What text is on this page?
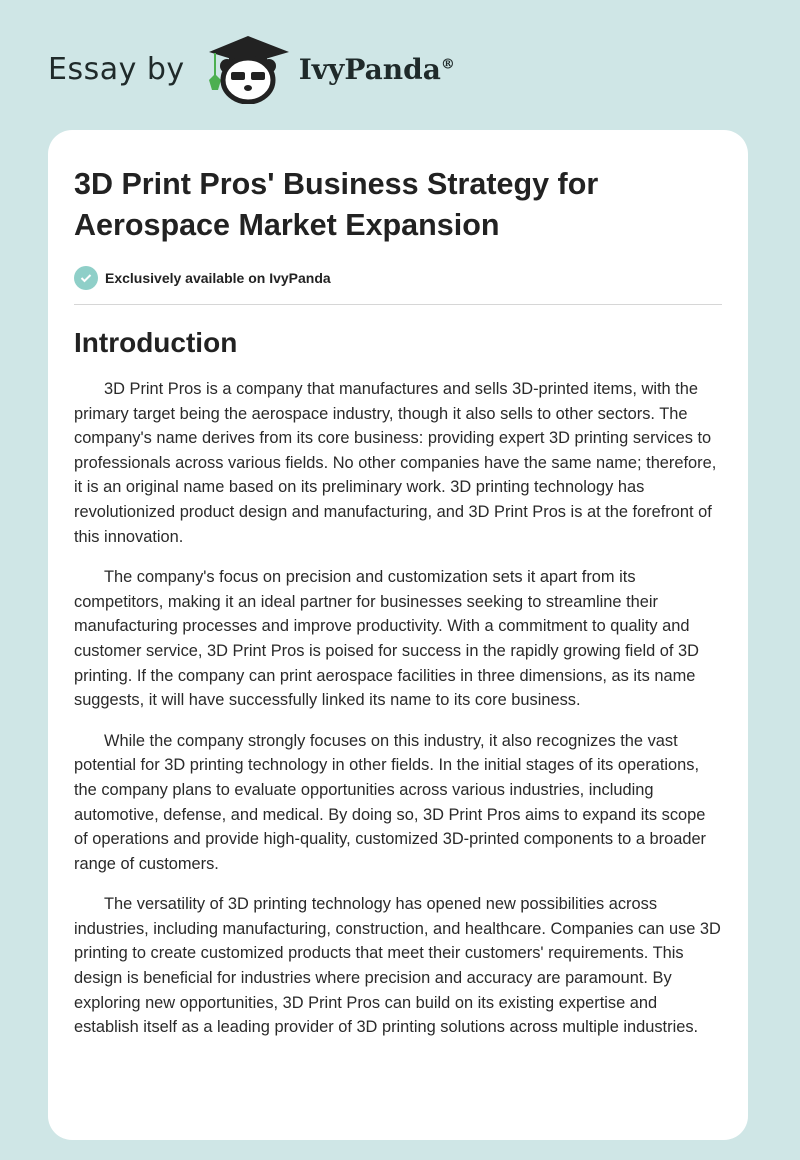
Essay by	IvyPanda®
3D Print Pros' Business Strategy for Aerospace Market Expansion
Exclusively available on IvyPanda
Introduction

3D Print Pros is a company that manufactures and sells 3D-printed items, with the primary target being the aerospace industry, though it also sells to other sectors. The company's name derives from its core business: providing expert 3D printing services to professionals across various fields. No other companies have the same name; therefore, it is an original name based on its preliminary work. 3D printing technology has revolutionized product design and manufacturing, and 3D Print Pros is at the forefront of this innovation.

The company's focus on precision and customization sets it apart from its competitors, making it an ideal partner for businesses seeking to streamline their manufacturing processes and improve productivity. With a commitment to quality and customer service, 3D Print Pros is poised for success in the rapidly growing field of 3D printing. If the company can print aerospace facilities in three dimensions, as its name suggests, it will have successfully linked its name to its core business.

While the company strongly focuses on this industry, it also recognizes the vast potential for 3D printing technology in other fields. In the initial stages of its operations, the company plans to evaluate opportunities across various industries, including automotive, defense, and medical. By doing so, 3D Print Pros aims to expand its scope of operations and provide high-quality, customized 3D-printed components to a broader range of customers.

The versatility of 3D printing technology has opened new possibilities across industries, including manufacturing, construction, and healthcare. Companies can use 3D printing to create customized products that meet their customers' requirements. This design is beneficial for industries where precision and accuracy are paramount. By exploring new opportunities, 3D Print Pros can build on its existing expertise and establish itself as a leading provider of 3D printing solutions across multiple industries.
